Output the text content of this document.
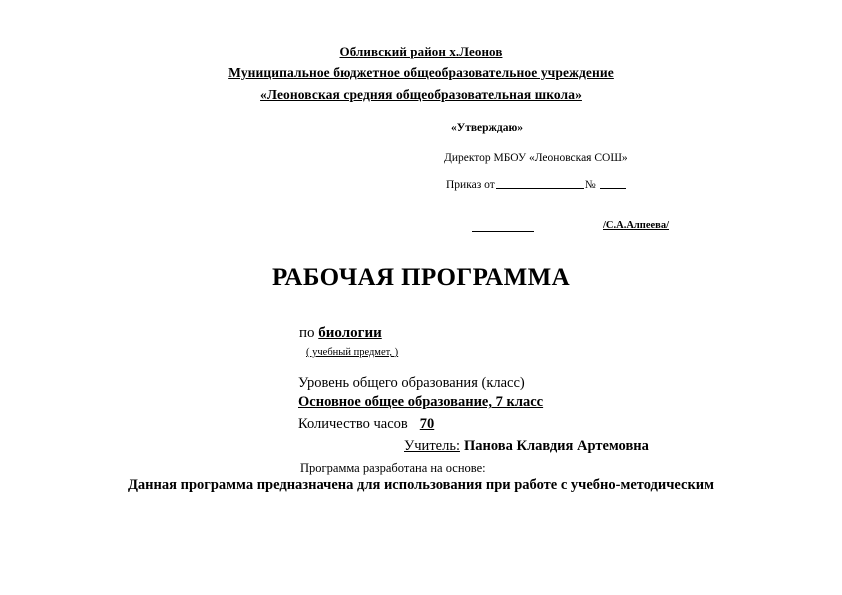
Обливский район х.Леонов
Муниципальное бюджетное общеобразовательное учреждение
«Леоновская средняя общеобразовательная школа»
«Утверждаю»
Директор МБОУ «Леоновская СОШ»
Приказ от	№
/С.А.Алпеева/
РАБОЧАЯ ПРОГРАММА
по биологии
( учебный предмет, )
Уровень общего образования (класс)
Основное общее образование, 7 класс
Количество часов 70
Учитель: Панова Клавдия Артемовна
Программа разработана на основе:
Данная программа предназначена для использования при работе с учебно-методическим
